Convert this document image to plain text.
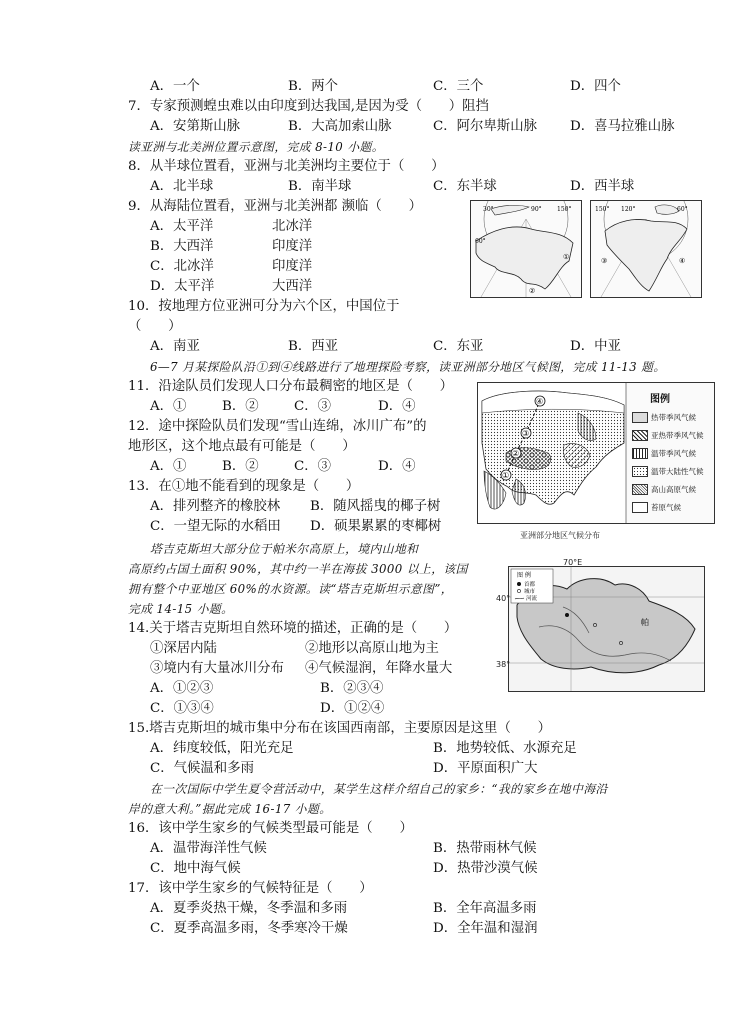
A．一个	B．两个	C．三个	D．四个
7．专家预测蝗虫难以由印度到达我国,是因为受（　　）阻挡
A．安第斯山脉	B．大高加索山脉	C．阿尔卑斯山脉 D．喜马拉雅山脉
读亚洲与北美洲位置示意图，完成 8-10 小题。
8．从半球位置看，亚洲与北美洲均主要位于（　　）
A．北半球	B．南半球	C．东半球	D．西半球
9．从海陆位置看，亚洲与北美洲都 濒临（　　）
A．太平洋	北冰洋
B．大西洋	印度洋
C．北冰洋	印度洋
D．太平洋	大西洋
30°
60°
90°	150°
①
②
150° 120°	60°
③	④
10．按地理方位亚洲可分为六个区，中国位于
（　　）
A．南亚	B．西亚	C．东亚	D．中亚
6—7 月某探险队沿①到④线路进行了地理探险考察，读亚洲部分地区气候图，完成 11-13 题。
11．沿途队员们发现人口分布最稠密的地区是（　　）
A．①	B．②	C．③	D．④
12．途中探险队员们发现“雪山连绵，冰川广布”的
地形区，这个地点最有可能是（　　）
A．①	B．②	C．③	D．④
13．在①地不能看到的现象是（　　）
A．排列整齐的橡胶林 B．随风摇曳的椰子树
C．一望无际的水稻田 D．硕果累累的枣椰树
①
②
③
④	图例
热带季风气候
亚热带季风气候
温带季风气候
温带大陆性气候
高山高原气候
苔原气候
亚洲部分地区气候分布
塔吉克斯坦大部分位于帕米尔高原上，境内山地和
高原约占国土面积 90%，其中约一半在海拔 3000 以上，该国
拥有整个中亚地区 60%的水资源。读“塔吉克斯坦示意图”，
完成 14-15 小题。
图 例
首都
城市
河流
帕
70°E
40°
38°
14.关于塔吉克斯坦自然环境的描述，正确的是（　　）
①深居内陆	②地形以高原山地为主
③境内有大量冰川分布 ④气候湿润，年降水量大
A．①②③	B．②③④
C．①③④	D．①②④
15.塔吉克斯坦的城市集中分布在该国西南部，主要原因是这里（　　）
A．纬度较低，阳光充足	B．地势较低、水源充足
C．气候温和多雨	D．平原面积广大
在一次国际中学生夏令营活动中，某学生这样介绍自己的家乡：“我的家乡在地中海沿
岸的意大利。”据此完成 16-17 小题。
16．该中学生家乡的气候类型最可能是（　　）
A．温带海洋性气候	B．热带雨林气候
C．地中海气候	D．热带沙漠气候
17．该中学生家乡的气候特征是（　　）
A．夏季炎热干燥，冬季温和多雨	B．全年高温多雨
C．夏季高温多雨，冬季寒冷干燥	D．全年温和湿润
